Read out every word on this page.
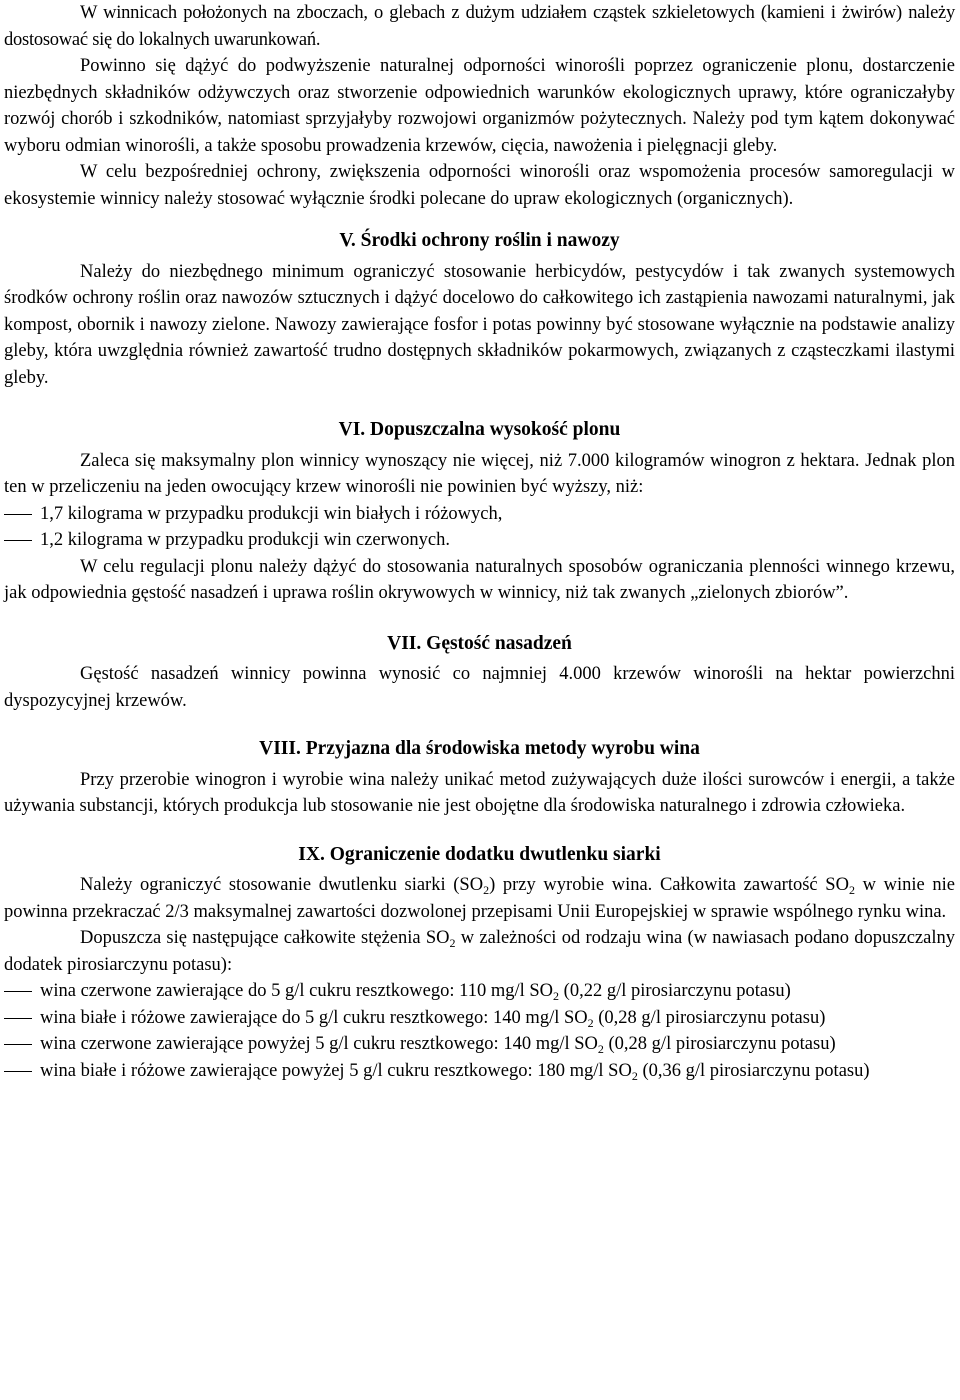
W winnicach położonych na zboczach, o glebach z dużym udziałem cząstek szkieletowych (kamieni i żwirów) należy dostosować się do lokalnych uwarunkowań.

Powinno się dążyć do podwyższenie naturalnej odporności winorośli poprzez ograniczenie plonu, dostarczenie niezbędnych składników odżywczych oraz stworzenie odpowiednich warunków ekologicznych uprawy, które ograniczałyby rozwój chorób i szkodników, natomiast sprzyjałyby rozwojowi organizmów pożytecznych. Należy pod tym kątem dokonywać wyboru odmian winorośli, a także sposobu prowadzenia krzewów, cięcia, nawożenia i pielęgnacji gleby.

W celu bezpośredniej ochrony, zwiększenia odporności winorośli oraz wspomożenia procesów samoregulacji w ekosystemie winnicy należy stosować wyłącznie środki polecane do upraw ekologicznych (organicznych).

V. Środki ochrony roślin i nawozy

Należy do niezbędnego minimum ograniczyć stosowanie herbicydów, pestycydów i tak zwanych systemowych środków ochrony roślin oraz nawozów sztucznych i dążyć docelowo do całkowitego ich zastąpienia nawozami naturalnymi, jak kompost, obornik i nawozy zielone. Nawozy zawierające fosfor i potas powinny być stosowane wyłącznie na podstawie analizy gleby, która uwzględnia również zawartość trudno dostępnych składników pokarmowych, związanych z cząsteczkami ilastymi gleby.

VI. Dopuszczalna wysokość plonu

Zaleca się maksymalny plon winnicy wynoszący nie więcej, niż 7.000 kilogramów winogron z hektara. Jednak plon ten w przeliczeniu na jeden owocujący krzew winorośli nie powinien być wyższy, niż:

1,7 kilograma w przypadku produkcji win białych i różowych,
1,2 kilograma w przypadku produkcji win czerwonych.

W celu regulacji plonu należy dążyć do stosowania naturalnych sposobów ograniczania plenności winnego krzewu, jak odpowiednia gęstość nasadzeń i uprawa roślin okrywowych w winnicy, niż tak zwanych „zielonych zbiorów”.

VII. Gęstość nasadzeń

Gęstość nasadzeń winnicy powinna wynosić co najmniej 4.000 krzewów winorośli na hektar powierzchni dyspozycyjnej krzewów.

VIII. Przyjazna dla środowiska metody wyrobu wina

Przy przerobie winogron i wyrobie wina należy unikać metod zużywających duże ilości surowców i energii, a także używania substancji, których produkcja lub stosowanie nie jest obojętne dla środowiska naturalnego i zdrowia człowieka.

IX. Ograniczenie dodatku dwutlenku siarki

Należy ograniczyć stosowanie dwutlenku siarki $(SO_2)$ przy wyrobie wina. Całkowita zawartość $SO_2$ w winie nie powinna przekraczać 2/3 maksymalnej zawartości dozwolonej przepisami Unii Europejskiej w sprawie wspólnego rynku wina.

Dopuszcza się następujące całkowite stężenia $SO_2$ w zależności od rodzaju wina (w nawiasach podano dopuszczalny dodatek pirosiarczynu potasu):

wina czerwone zawierające do 5 g/l cukru resztkowego: 110 mg/l $SO_2$ (0,22 g/l pirosiarczynu potasu)
wina białe i różowe zawierające do 5 g/l cukru resztkowego: 140 mg/l $SO_2$ (0,28 g/l pirosiarczynu potasu)
wina czerwone zawierające powyżej 5 g/l cukru resztkowego: 140 mg/l $SO_2$ (0,28 g/l pirosiarczynu potasu)
wina białe i różowe zawierające powyżej 5 g/l cukru resztkowego: 180 mg/l $SO_2$ (0,36 g/l pirosiarczynu potasu)
